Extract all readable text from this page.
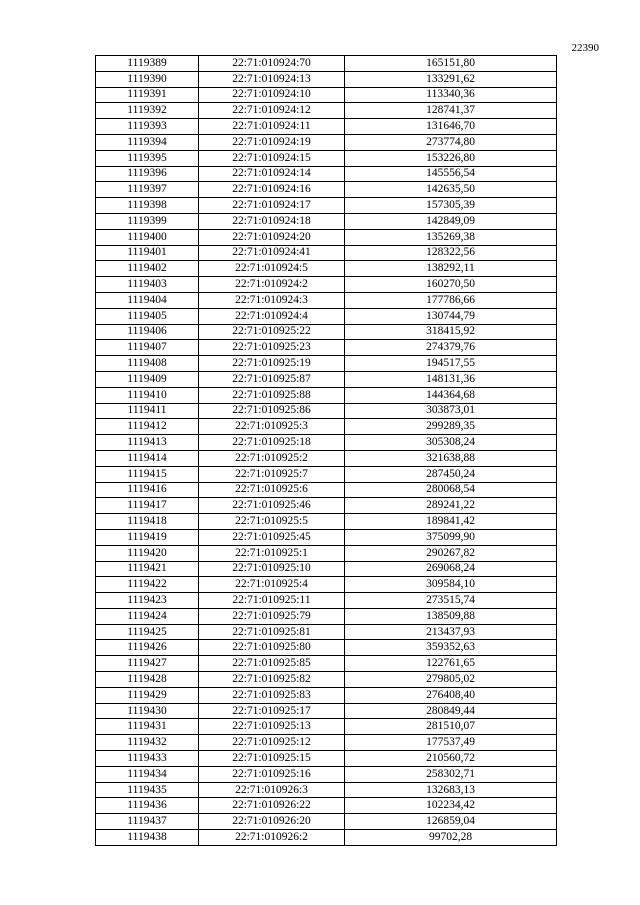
22390
1119389	22:71:010924:70	165151,80
1119390	22:71:010924:13	133291,62
1119391	22:71:010924:10	113340,36
1119392	22:71:010924:12	128741,37
1119393	22:71:010924:11	131646,70
1119394	22:71:010924:19	273774,80
1119395	22:71:010924:15	153226,80
1119396	22:71:010924:14	145556,54
1119397	22:71:010924:16	142635,50
1119398	22:71:010924:17	157305,39
1119399	22:71:010924:18	142849,09
1119400	22:71:010924:20	135269,38
1119401	22:71:010924:41	128322,56
1119402	22:71:010924:5	138292,11
1119403	22:71:010924:2	160270,50
1119404	22:71:010924:3	177786,66
1119405	22:71:010924:4	130744,79
1119406	22:71:010925:22	318415,92
1119407	22:71:010925:23	274379,76
1119408	22:71:010925:19	194517,55
1119409	22:71:010925:87	148131,36
1119410	22:71:010925:88	144364,68
1119411	22:71:010925:86	303873,01
1119412	22:71:010925:3	299289,35
1119413	22:71:010925:18	305308,24
1119414	22:71:010925:2	321638,88
1119415	22:71:010925:7	287450,24
1119416	22:71:010925:6	280068,54
1119417	22:71:010925:46	289241,22
1119418	22:71:010925:5	189841,42
1119419	22:71:010925:45	375099,90
1119420	22:71:010925:1	290267,82
1119421	22:71:010925:10	269068,24
1119422	22:71:010925:4	309584,10
1119423	22:71:010925:11	273515,74
1119424	22:71:010925:79	138509,88
1119425	22:71:010925:81	213437,93
1119426	22:71:010925:80	359352,63
1119427	22:71:010925:85	122761,65
1119428	22:71:010925:82	279805,02
1119429	22:71:010925:83	276408,40
1119430	22:71:010925:17	280849,44
1119431	22:71:010925:13	281510,07
1119432	22:71:010925:12	177537,49
1119433	22:71:010925:15	210560,72
1119434	22:71:010925:16	258302,71
1119435	22:71:010926:3	132683,13
1119436	22:71:010926:22	102234,42
1119437	22:71:010926:20	126859,04
1119438	22:71:010926:2	99702,28
